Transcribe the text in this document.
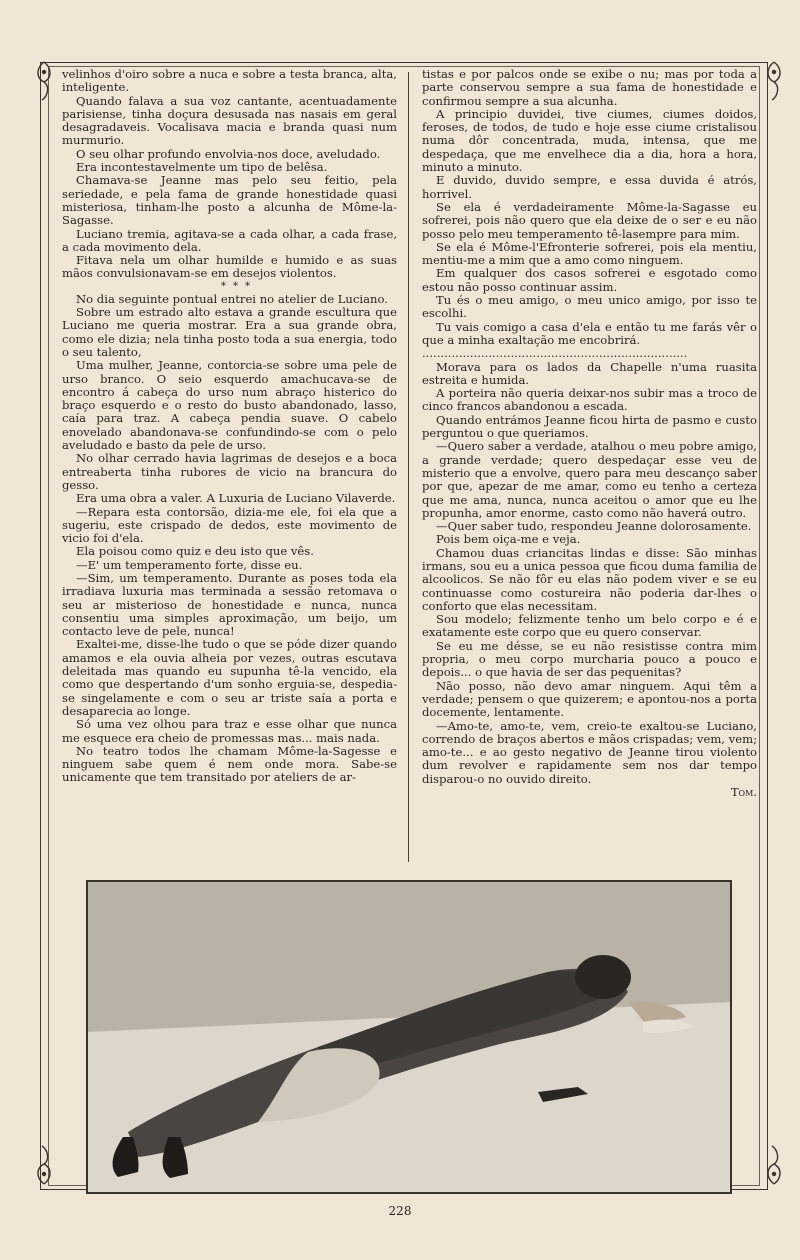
velinhos d'oiro sobre a nuca e sobre a testa branca, alta, inteligente.

Quando falava a sua voz cantante, acentuadamente parisiense, tinha doçura desusada nas nasais em geral desagradaveis. Vocalisava macia e branda quasi num murmurio.

O seu olhar profundo envolvia-nos doce, aveludado.

Era incontestavelmente um tipo de belêsa.

Chamava-se Jeanne mas pelo seu feitio, pela seriedade, e pela fama de grande honestidade quasi misteriosa, tinham-lhe posto a alcunha de Môme-la-Sagasse.

Luciano tremia, agitava-se a cada olhar, a cada frase, a cada movimento dela.

Fitava nela um olhar humilde e humido e as suas mãos convulsionavam-se em desejos violentos.

* * *

No dia seguinte pontual entrei no atelier de Luciano.

Sobre um estrado alto estava a grande escultura que Luciano me queria mostrar. Era a sua grande obra, como ele dizia; nela tinha posto toda a sua energia, todo o seu talento,

Uma mulher, Jeanne, contorcia-se sobre uma pele de urso branco. O seio esquerdo amachucava-se de encontro á cabeça do urso num abraço histerico do braço esquerdo e o resto do busto abandonado, lasso, caía para traz. A cabeça pendia suave. O cabelo enovelado abandonava-se confundindo-se com o pelo aveludado e basto da pele de urso.

No olhar cerrado havia lagrimas de desejos e a boca entreaberta tinha rubores de vicio na brancura do gesso.

Era uma obra a valer. A Luxuria de Luciano Vilaverde.

—Repara esta contorsão, dizia-me ele, foi ela que a sugeriu, este crispado de dedos, este movimento de vicio foi d'ela.

Ela poisou como quiz e deu isto que vês.

—E' um temperamento forte, disse eu.

—Sim, um temperamento. Durante as poses toda ela irradiava luxuria mas terminada a sessão retomava o seu ar misterioso de honestidade e nunca, nunca consentiu uma simples aproximação, um beijo, um contacto leve de pele, nunca!

Exaltei-me, disse-lhe tudo o que se póde dizer quando amamos e ela ouvia alheia por vezes, outras escutava deleitada mas quando eu supunha tê-la vencido, ela como que despertando d'um sonho erguia-se, despedia-se singelamente e com o seu ar triste saía a porta e desaparecia ao longe.

Só uma vez olhou para traz e esse olhar que nunca me esquece era cheio de promessas mas... mais nada.

No teatro todos lhe chamam Môme-la-Sagesse e ninguem sabe quem é nem onde mora. Sabe-se unicamente que tem transitado por ateliers de ar-

tistas e por palcos onde se exibe o nu; mas por toda a parte conservou sempre a sua fama de honestidade e confirmou sempre a sua alcunha.

A principio duvidei, tive ciumes, ciumes doidos, feroses, de todos, de tudo e hoje esse ciume cristalisou numa dôr concentrada, muda, intensa, que me despedaça, que me envelhece dia a dia, hora a hora, minuto a minuto.

E duvido, duvido sempre, e essa duvida é atrós, horrivel.

Se ela é verdadeiramente Môme-la-Sagasse eu sofrerei, pois não quero que ela deixe de o ser e eu não posso pelo meu temperamento tê-lasempre para mim.

Se ela é Môme-l'Efronterie sofrerei, pois ela mentiu, mentiu-me a mim que a amo como ninguem.

Em qualquer dos casos sofrerei e esgotado como estou não posso continuar assim.

Tu és o meu amigo, o meu unico amigo, por isso te escolhi.

Tu vais comigo a casa d'ela e então tu me farás vêr o que a minha exaltação me encobrirá.

........................................................................

Morava para os lados da Chapelle n'uma ruasita estreita e humida.

A porteira não queria deixar-nos subir mas a troco de cinco francos abandonou a escada.

Quando entrámos Jeanne ficou hirta de pasmo e custo perguntou o que queriamos.

—Quero saber a verdade, atalhou o meu pobre amigo, a grande verdade; quero despedaçar esse veu de misterio que a envolve, quero para meu descanço saber por que, apezar de me amar, como eu tenho a certeza que me ama, nunca, nunca aceitou o amor que eu lhe propunha, amor enorme, casto como não haverá outro.

—Quer saber tudo, respondeu Jeanne dolorosamente.

Pois bem oiça-me e veja.

Chamou duas criancitas lindas e disse: São minhas irmans, sou eu a unica pessoa que ficou duma familia de alcoolicos. Se não fôr eu elas não podem viver e se eu continuasse como costureira não poderia dar-lhes o conforto que elas necessitam.

Sou modelo; felizmente tenho um belo corpo e é e exatamente este corpo que eu quero conservar.

Se eu me désse, se eu não resistisse contra mim propria, o meu corpo murcharia pouco a pouco e depois... o que havia de ser das pequenitas?

Não posso, não devo amar ninguem. Aqui têm a verdade; pensem o que quizerem; e apontou-nos a porta docemente, lentamente.

—Amo-te, amo-te, vem, creio-te exaltou-se Luciano, correndo de braços abertos e mãos crispadas; vem, vem; amo-te... e ao gesto negativo de Jeanne tirou violento dum revolver e rapidamente sem nos dar tempo disparou-o no ouvido direito.

Tom.

228
